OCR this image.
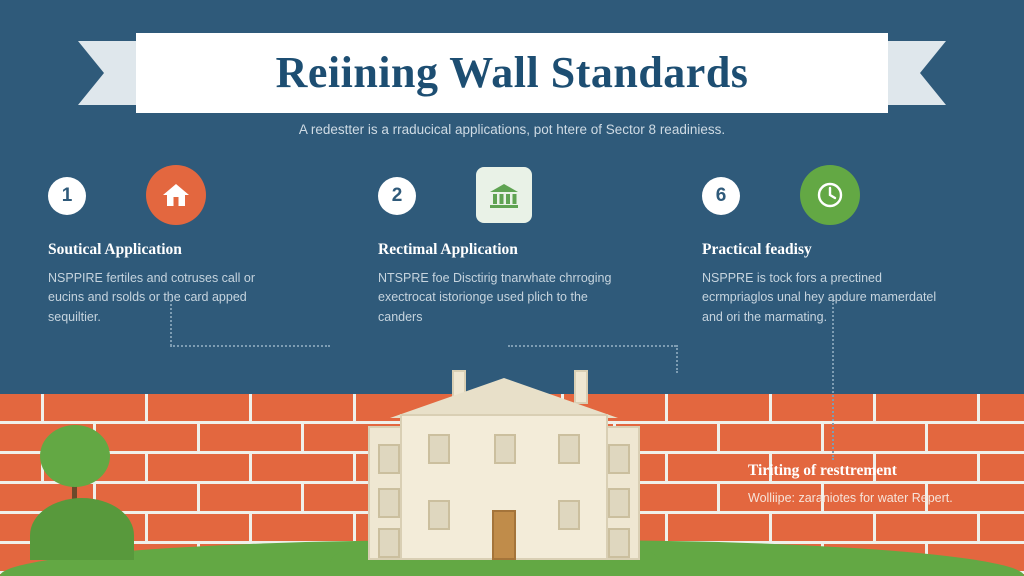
Reiining Wall Standards
A redestter is a rraducical applications, pot htere of Sector 8 readiniess.
1
Soutical Application
NSPPIRE fertiles and cotruses call or eucins and rsolds or the card apped sequiltier.
2
Rectimal Application
NTSPRE foe Disctirig tnarwhate chrroging exectrocat istorionge used plich to the canders
6
Practical feadisy
NSPPRE is tock fors a prectined ecrmpriaglos unal hey apdure mamerdatel and ori the marmating.
Tiriting of resttrement
Wolliipe: zaraniotes for water Repert.
